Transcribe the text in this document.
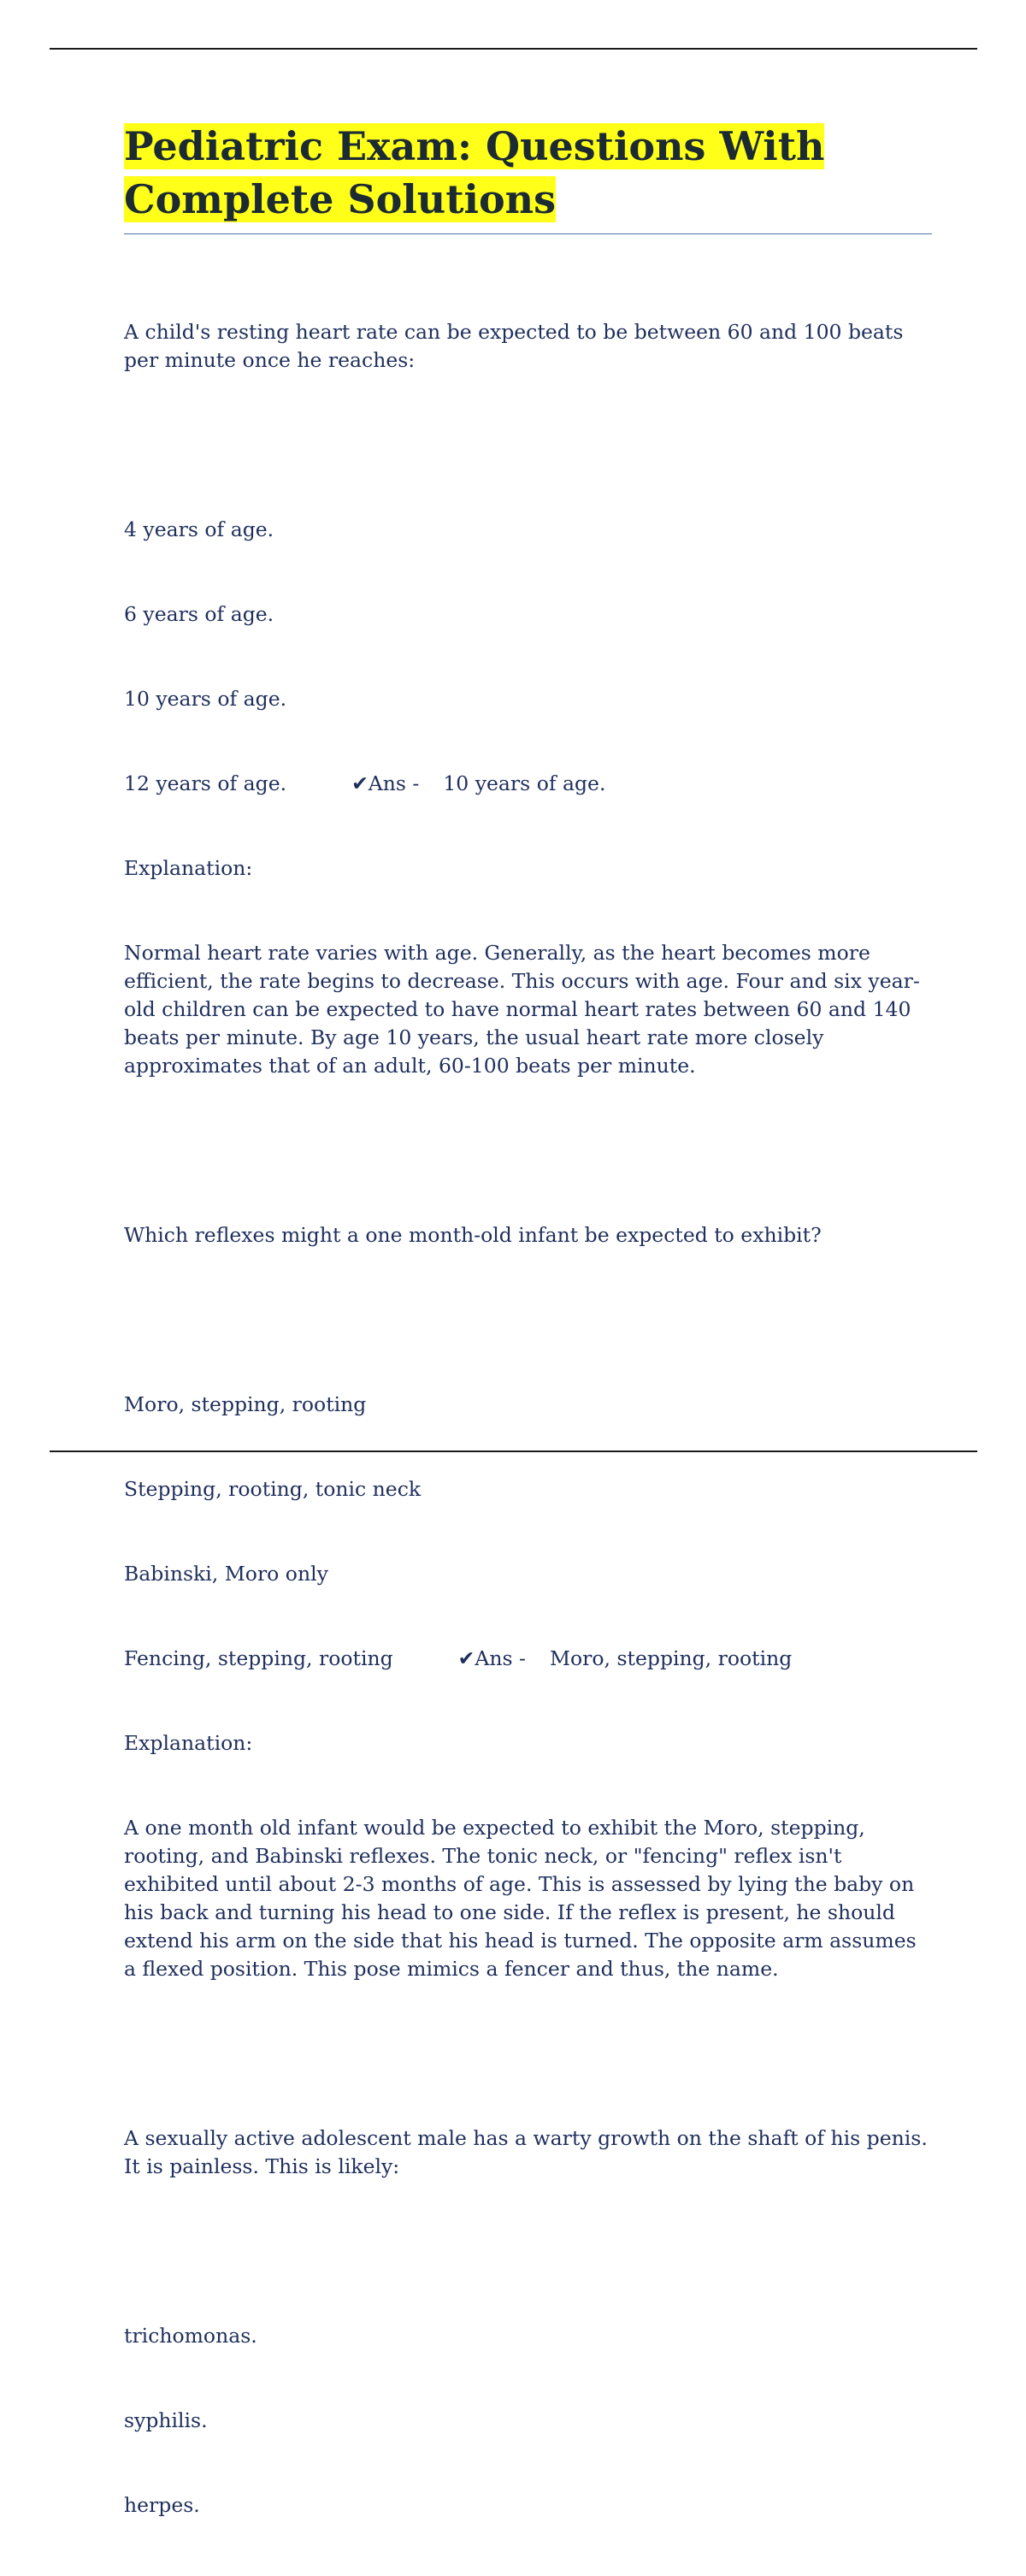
Pediatric Exam: Questions With Complete Solutions

A child's resting heart rate can be expected to be between 60 and 100 beats per minute once he reaches:

4 years of age.

6 years of age.

10 years of age.

12 years of age.	✔Ans - 10 years of age.

Explanation:

Normal heart rate varies with age. Generally, as the heart becomes more efficient, the rate begins to decrease. This occurs with age. Four and six year-old children can be expected to have normal heart rates between 60 and 140 beats per minute. By age 10 years, the usual heart rate more closely approximates that of an adult, 60-100 beats per minute.

Which reflexes might a one month-old infant be expected to exhibit?

Moro, stepping, rooting

Stepping, rooting, tonic neck

Babinski, Moro only

Fencing, stepping, rooting	✔Ans - Moro, stepping, rooting

Explanation:

A one month old infant would be expected to exhibit the Moro, stepping, rooting, and Babinski reflexes. The tonic neck, or "fencing" reflex isn't exhibited until about 2-3 months of age. This is assessed by lying the baby on his back and turning his head to one side. If the reflex is present, he should extend his arm on the side that his head is turned. The opposite arm assumes a flexed position. This pose mimics a fencer and thus, the name.

A sexually active adolescent male has a warty growth on the shaft of his penis. It is painless. This is likely:

trichomonas.

syphilis.

herpes.
